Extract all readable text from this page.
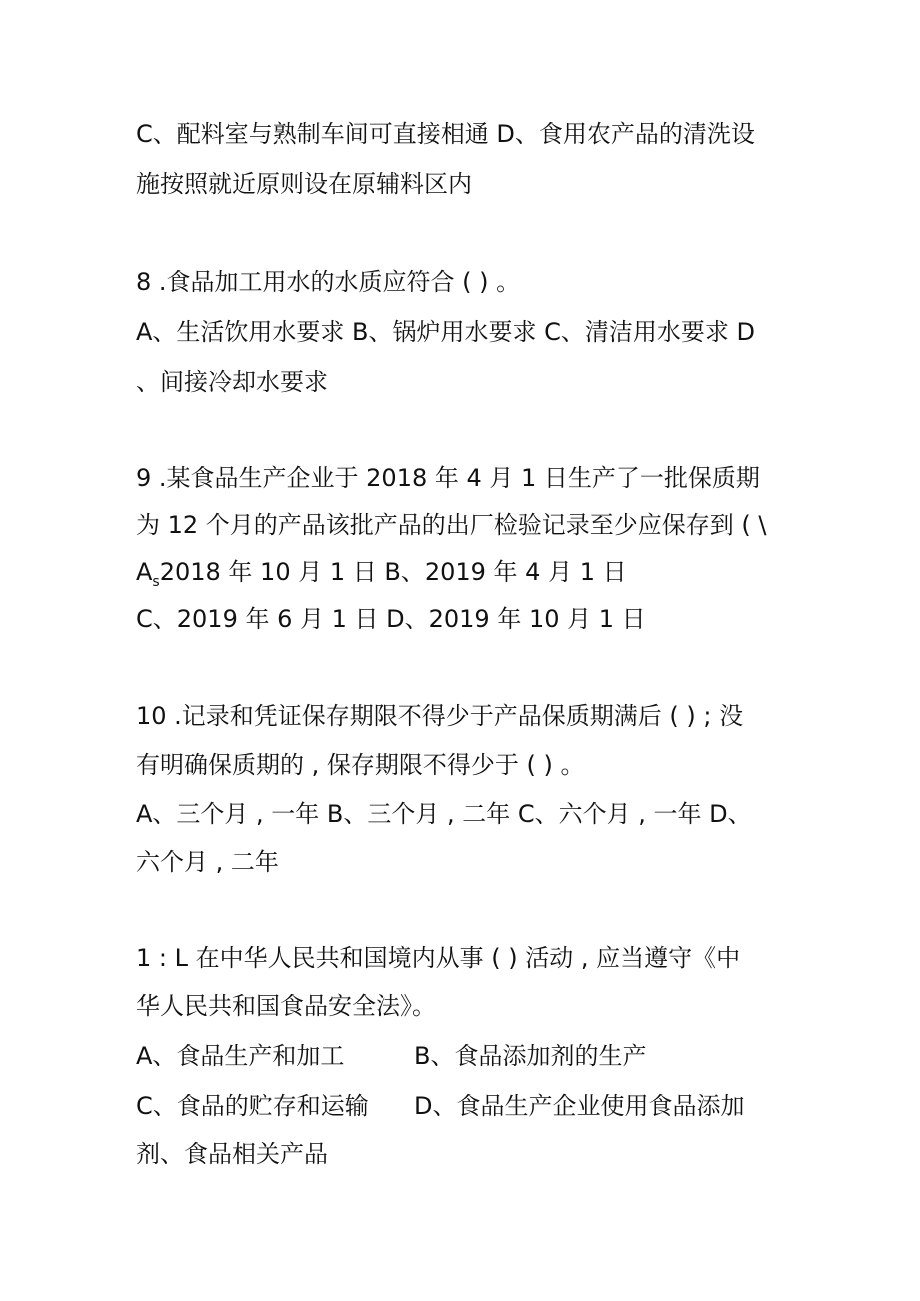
C、配料室与熟制车间可直接相通 D、食用农产品的清洗设
施按照就近原则设在原辅料区内
8 .食品加工用水的水质应符合 ( ) 。
A、生活饮用水要求 B、锅炉用水要求 C、清洁用水要求 D
、间接冷却水要求
9 .某食品生产企业于 2018 年 4 月 1 日生产了一批保质期
为 12 个月的产品该批产品的出厂检验记录至少应保存到 ( \
$A_s2018$ 年 10 月 1 日 B、2019 年 4 月 1 日
C、2019 年 6 月 1 日 D、2019 年 10 月 1 日
10 .记录和凭证保存期限不得少于产品保质期满后 ( ) ; 没
有明确保质期的 , 保存期限不得少于 ( ) 。
A、三个月 , 一年 B、三个月 , 二年 C、六个月 , 一年 D、
六个月 , 二年
1 : L 在中华人民共和国境内从事 ( ) 活动 , 应当遵守《中
华人民共和国食品安全法》。
A、食品生产和加工	B、食品添加剂的生产
C、食品的贮存和运输 D、食品生产企业使用食品添加
剂、食品相关产品
